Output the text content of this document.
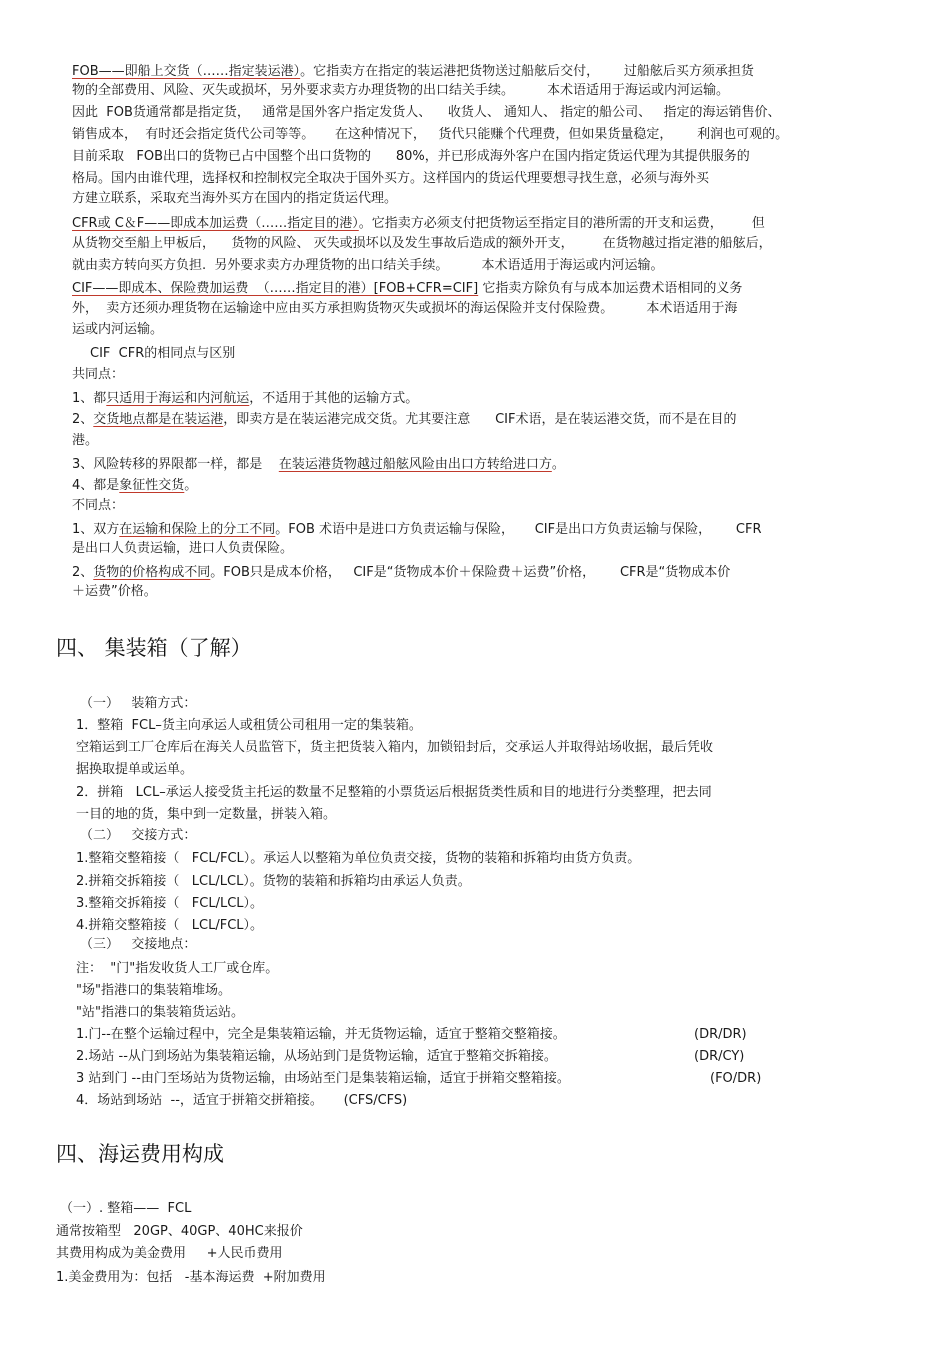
FOB——即船上交货（……指定装运港）。它指卖方在指定的装运港把货物送过船舷后交付，      过船舷后买方须承担货
物的全部费用、风险、灭失或损坏，另外要求卖方办理货物的出口结关手续。        本术语适用于海运或内河运输。
因此  FOB货通常都是指定货，   通常是国外客户指定发货人、    收货人、 通知人、 指定的船公司、   指定的海运销售价、
销售成本，  有时还会指定货代公司等等。     在这种情况下，   货代只能赚个代理费，但如果货量稳定，      利润也可观的。
目前采取   FOB出口的货物已占中国整个出口货物的      80%，并已形成海外客户在国内指定货运代理为其提供服务的
格局。国内由谁代理，选择权和控制权完全取决于国外买方。这样国内的货运代理要想寻找生意，必须与海外买
方建立联系，采取充当海外买方在国内的指定货运代理。
CFR或 C＆F——即成本加运费（……指定目的港）。它指卖方必须支付把货物运至指定目的港所需的开支和运费，       但
从货物交至船上甲板后，    货物的风险、 灭失或损坏以及发生事故后造成的额外开支，       在货物越过指定港的船舷后，
就由卖方转向买方负担.  另外要求卖方办理货物的出口结关手续。        本术语适用于海运或内河运输。
CIF——即成本、保险费加运费  （……指定目的港）[FOB+CFR=CIF] 它指卖方除负有与成本加运费术语相同的义务
外，  卖方还须办理货物在运输途中应由买方承担购货物灭失或损坏的海运保险并支付保险费。        本术语适用于海
运或内河运输。
CIF  CFR的相同点与区别
共同点：
1、都只适用于海运和内河航运，不适用于其他的运输方式。
2、交货地点都是在装运港，即卖方是在装运港完成交货。尤其要注意      CIF术语，是在装运港交货，而不是在目的
港。
3、风险转移的界限都一样，都是    在装运港货物越过船舷风险由出口方转给进口方。
4、都是象征性交货。
不同点：
1、双方在运输和保险上的分工不同。FOB 术语中是进口方负责运输与保险，     CIF是出口方负责运输与保险，      CFR
是出口人负责运输，进口人负责保险。
2、货物的价格构成不同。FOB只是成本价格，   CIF是“货物成本价＋保险费＋运费”价格，      CFR是“货物成本价
＋运费”价格。
四、 集装箱（了解）
（一）   装箱方式：
1．整箱  FCL–货主向承运人或租赁公司租用一定的集装箱。
空箱运到工厂仓库后在海关人员监管下，货主把货装入箱内，加锁铅封后，交承运人并取得站场收据，最后凭收
据换取提单或运单。
2．拼箱   LCL–承运人接受货主托运的数量不足整箱的小票货运后根据货类性质和目的地进行分类整理，把去同
一目的地的货，集中到一定数量，拼装入箱。
（二）   交接方式：
1.整箱交整箱接（   FCL/FCL）。承运人以整箱为单位负责交接，货物的装箱和拆箱均由货方负责。
2.拼箱交拆箱接（   LCL/LCL）。货物的装箱和拆箱均由承运人负责。
3.整箱交拆箱接（   FCL/LCL）。
4.拼箱交整箱接（   LCL/FCL）。
（三）   交接地点：
注：  "门"指发收货人工厂或仓库。
"场"指港口的集装箱堆场。
"站"指港口的集装箱货运站。
1.门--在整个运输过程中，完全是集装箱运输，并无货物运输，适宜于整箱交整箱接。	(DR/DR)
2.场站 --从门到场站为集装箱运输，从场站到门是货物运输，适宜于整箱交拆箱接。	(DR/CY)
3 站到门 --由门至场站为货物运输，由场站至门是集装箱运输，适宜于拼箱交整箱接。	(FO/DR)
4．场站到场站  --，适宜于拼箱交拼箱接。     (CFS/CFS)
四、海运费用构成
（一）. 整箱——  FCL
通常按箱型   20GP、40GP、40HC来报价
其费用构成为美金费用     +人民币费用
1.美金费用为：包括   -基本海运费  +附加费用
